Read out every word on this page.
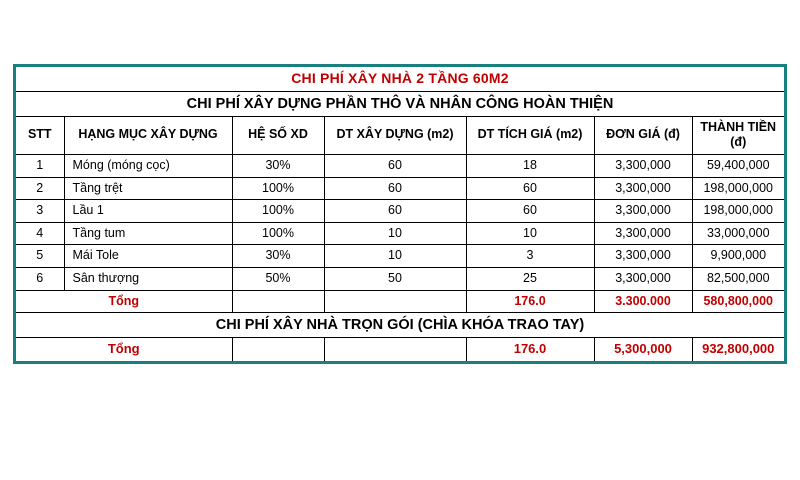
CHI PHÍ XÂY NHÀ 2 TẦNG 60M2						
CHI PHÍ XÂY DỰNG PHẦN THÔ VÀ NHÂN CÔNG HOÀN THIỆN						
STT	HẠNG MỤC XÂY DỰNG	HỆ SỐ XD	DT XÂY DỰNG (m2)	DT TÍCH GIÁ (m2)	ĐƠN GIÁ (đ)	THÀNH TIỀN (đ)
1	Móng (móng cọc)	30%	60	18	3,300,000	59,400,000
2	Tầng trệt	100%	60	60	3,300,000	198,000,000
3	Lầu 1	100%	60	60	3,300,000	198,000,000
4	Tầng tum	100%	10	10	3,300,000	33,000,000
5	Mái Tole	30%	10	3	3,300,000	9,900,000
6	Sân thượng	50%	50	25	3,300,000	82,500,000
Tổng				176.0	3.300.000	580,800,000
CHI PHÍ XÂY NHÀ TRỌN GÓI (CHÌA KHÓA TRAO TAY)						
Tổng				176.0	5,300,000	932,800,000
